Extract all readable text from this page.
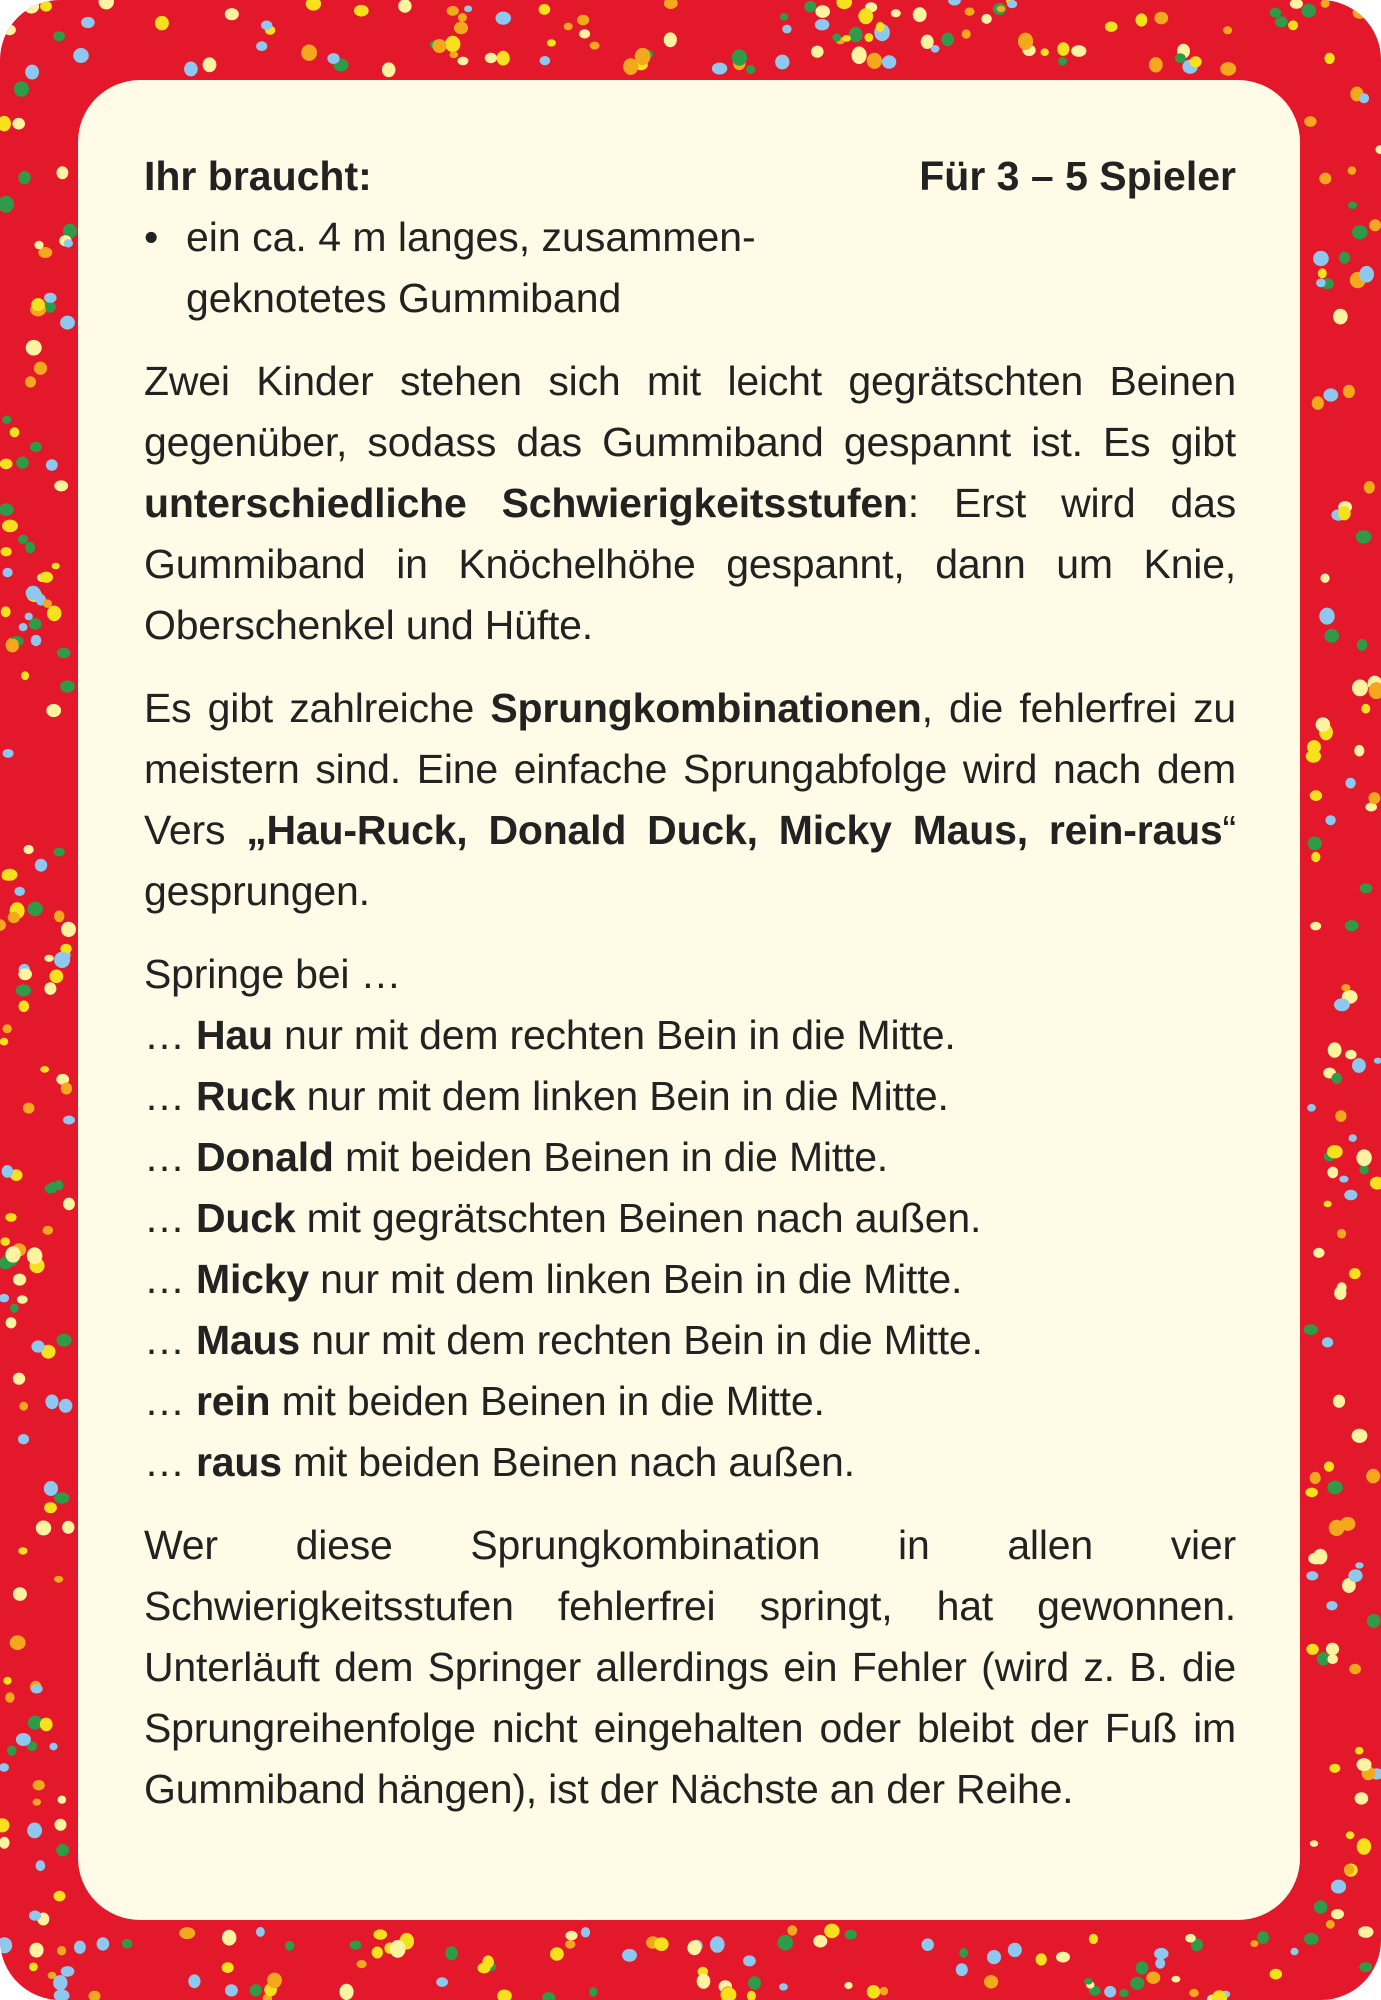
Ihr braucht:	Für 3 – 5 Spieler
• ein ca. 4 m langes, zusammen-
geknotetes Gummiband

Zwei Kinder stehen sich mit leicht gegrätschten Beinen gegenüber, sodass das Gummiband gespannt ist. Es gibt unterschiedliche Schwierigkeitsstufen: Erst wird das Gummiband in Knöchelhöhe gespannt, dann um Knie, Oberschenkel und Hüfte.

Es gibt zahlreiche Sprungkombinationen, die fehlerfrei zu meistern sind. Eine einfache Sprungabfolge wird nach dem Vers „Hau-Ruck, Donald Duck, Micky Maus, rein-raus“ gesprungen.

Springe bei …

… Hau nur mit dem rechten Bein in die Mitte.

… Ruck nur mit dem linken Bein in die Mitte.

… Donald mit beiden Beinen in die Mitte.

… Duck mit gegrätschten Beinen nach außen.

… Micky nur mit dem linken Bein in die Mitte.

… Maus nur mit dem rechten Bein in die Mitte.

… rein mit beiden Beinen in die Mitte.

… raus mit beiden Beinen nach außen.

Wer diese Sprungkombination in allen vier Schwierigkeitsstufen fehlerfrei springt, hat gewonnen. Unterläuft dem Springer allerdings ein Fehler (wird z. B. die Sprungreihenfolge nicht eingehalten oder bleibt der Fuß im Gummiband hängen), ist der Nächste an der Reihe.
